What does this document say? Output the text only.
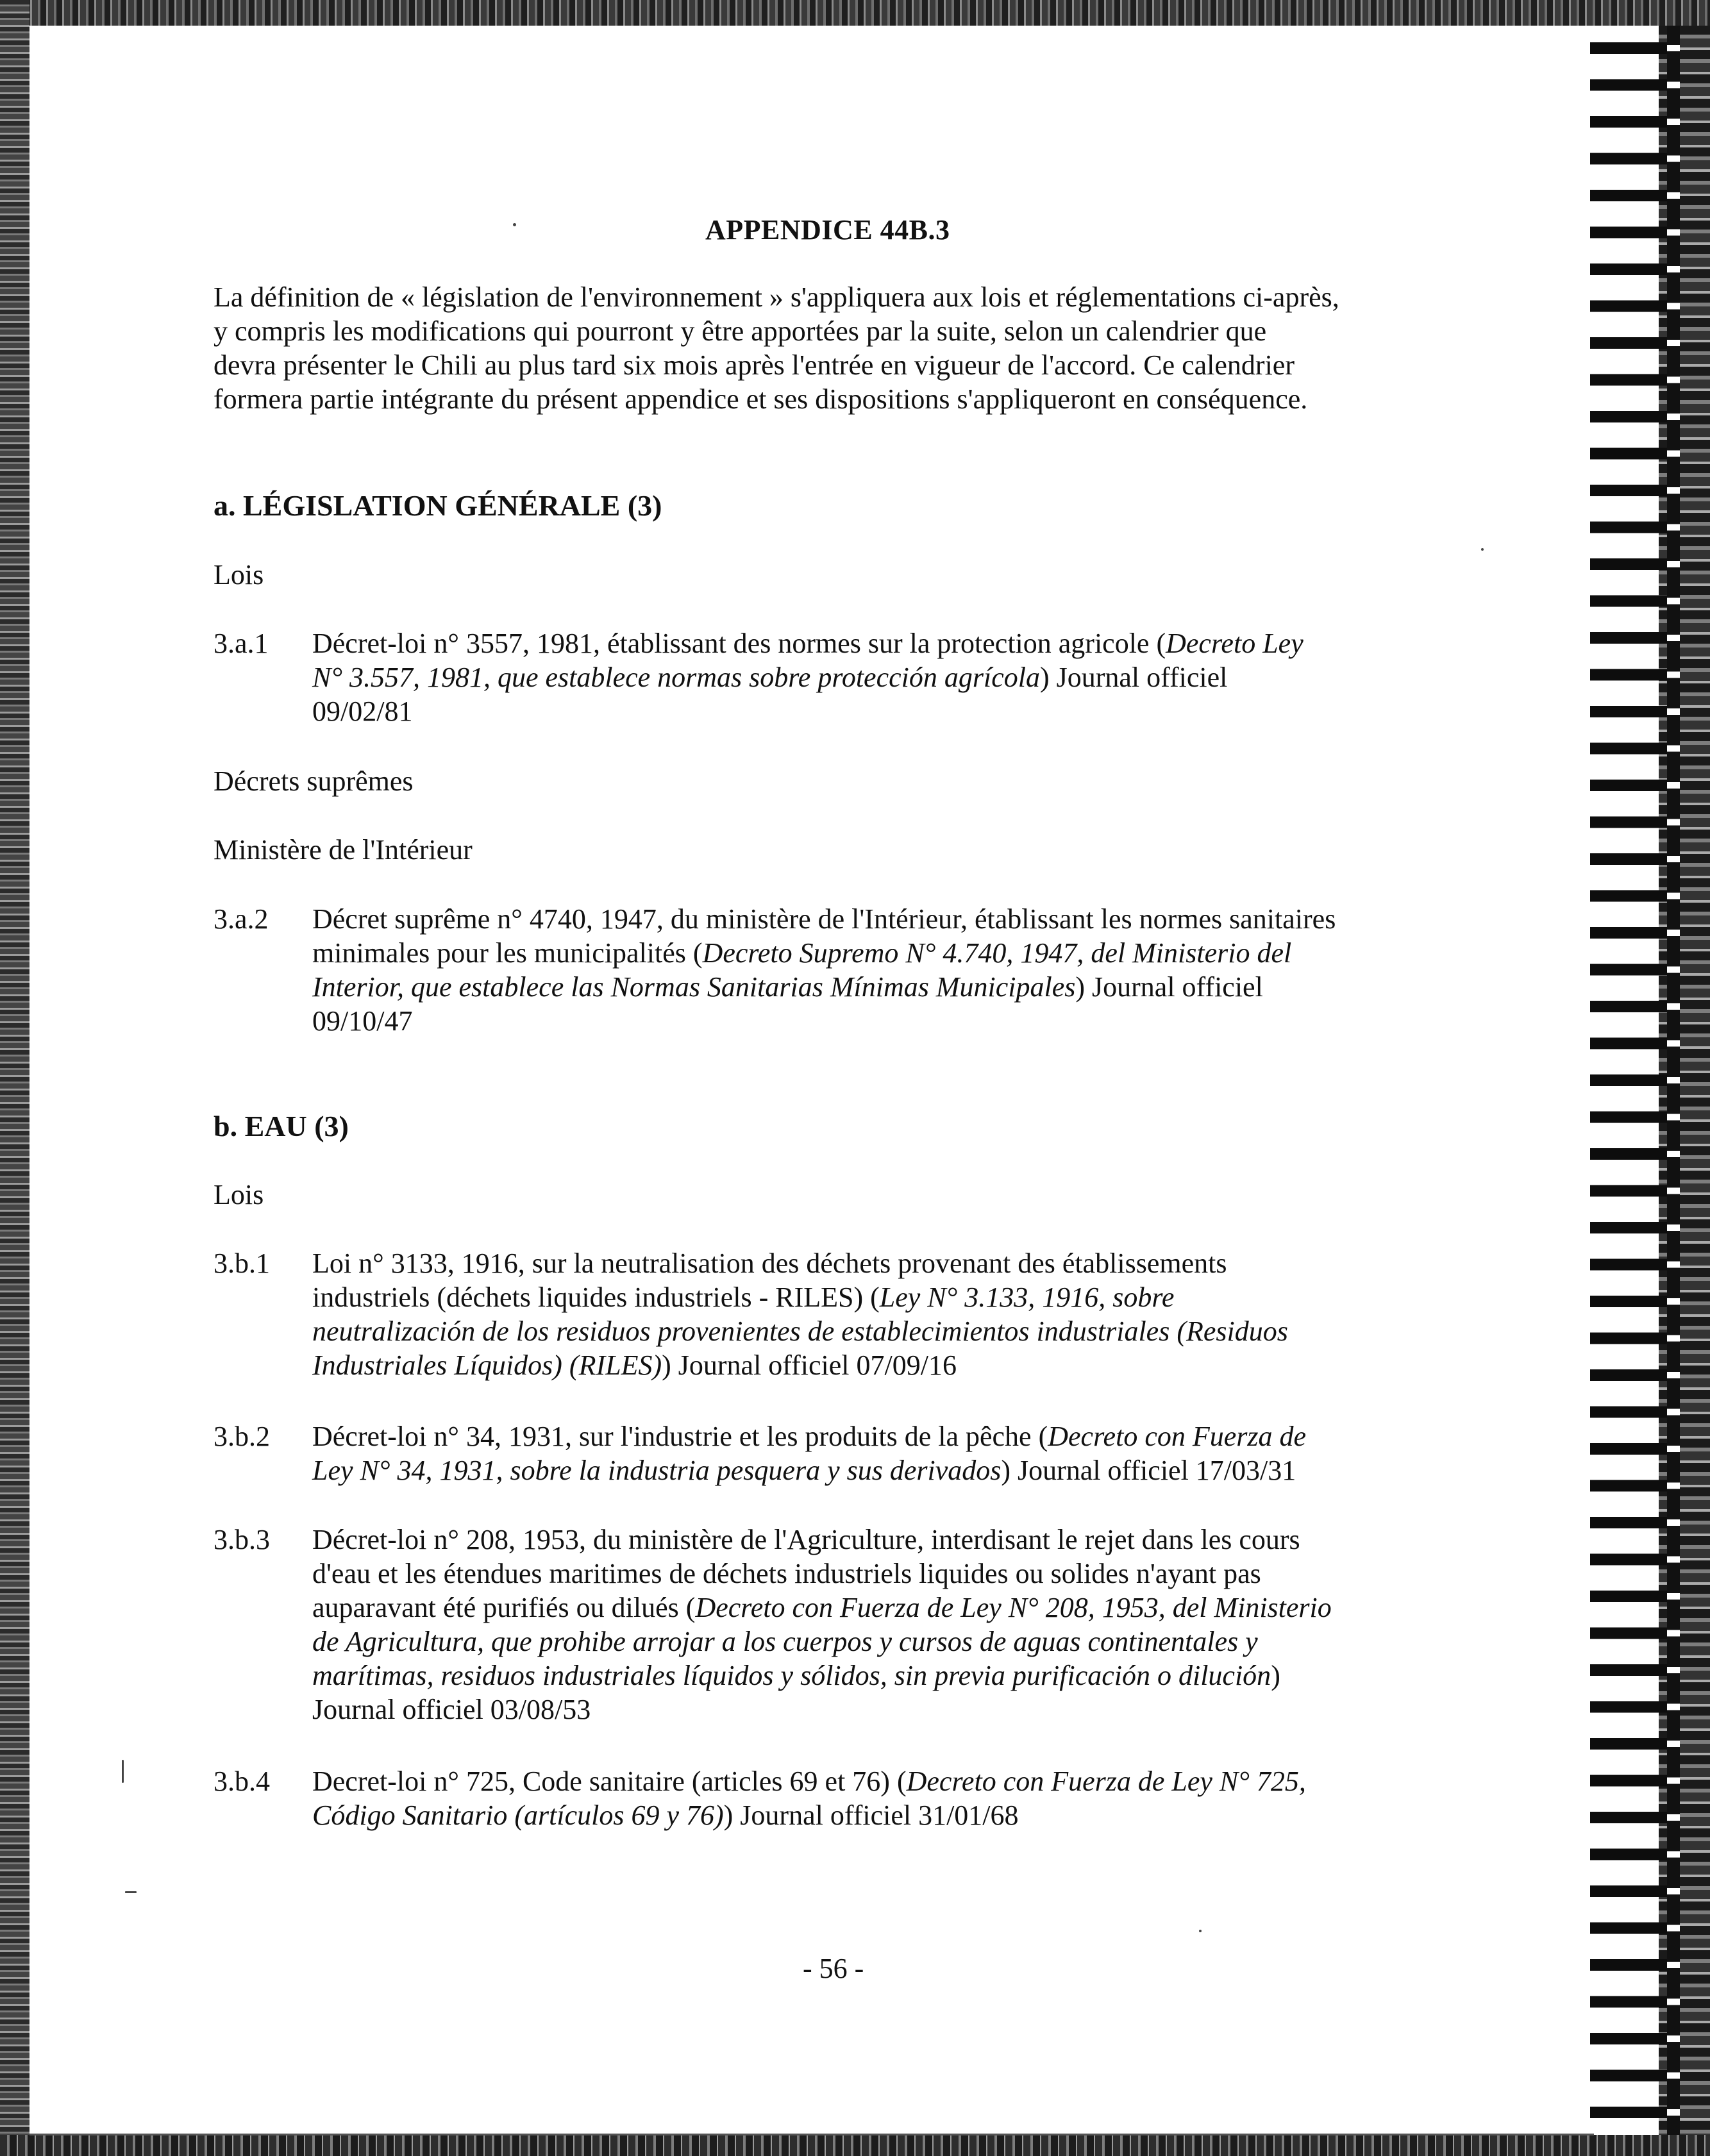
APPENDICE 44B.3
La définition de « législation de l'environnement » s'appliquera aux lois et réglementations ci-après,
y compris les modifications qui pourront y être apportées par la suite, selon un calendrier que
devra présenter le Chili au plus tard six mois après l'entrée en vigueur de l'accord. Ce calendrier
formera partie intégrante du présent appendice et ses dispositions s'appliqueront en conséquence.
a. LÉGISLATION GÉNÉRALE (3)
Lois
3.a.1 Décret-loi n° 3557, 1981, établissant des normes sur la protection agricole (Decreto Ley
N° 3.557, 1981, que establece normas sobre protección agrícola) Journal officiel
09/02/81
Décrets suprêmes
Ministère de l'Intérieur
3.a.2 Décret suprême n° 4740, 1947, du ministère de l'Intérieur, établissant les normes sanitaires
minimales pour les municipalités (Decreto Supremo N° 4.740, 1947, del Ministerio del
Interior, que establece las Normas Sanitarias Mínimas Municipales) Journal officiel
09/10/47
b. EAU (3)
Lois
3.b.1 Loi n° 3133, 1916, sur la neutralisation des déchets provenant des établissements
industriels (déchets liquides industriels - RILES) (Ley N° 3.133, 1916, sobre
neutralización de los residuos provenientes de establecimientos industriales (Residuos
Industriales Líquidos) (RILES)) Journal officiel 07/09/16
3.b.2 Décret-loi n° 34, 1931, sur l'industrie et les produits de la pêche (Decreto con Fuerza de
Ley N° 34, 1931, sobre la industria pesquera y sus derivados) Journal officiel 17/03/31
3.b.3 Décret-loi n° 208, 1953, du ministère de l'Agriculture, interdisant le rejet dans les cours
d'eau et les étendues maritimes de déchets industriels liquides ou solides n'ayant pas
auparavant été purifiés ou dilués (Decreto con Fuerza de Ley N° 208, 1953, del Ministerio
de Agricultura, que prohibe arrojar a los cuerpos y cursos de aguas continentales y
marítimas, residuos industriales líquidos y sólidos, sin previa purificación o dilución)
Journal officiel 03/08/53
3.b.4 Decret-loi n° 725, Code sanitaire (articles 69 et 76) (Decreto con Fuerza de Ley N° 725,
Código Sanitario (artículos 69 y 76)) Journal officiel 31/01/68
- 56 -
